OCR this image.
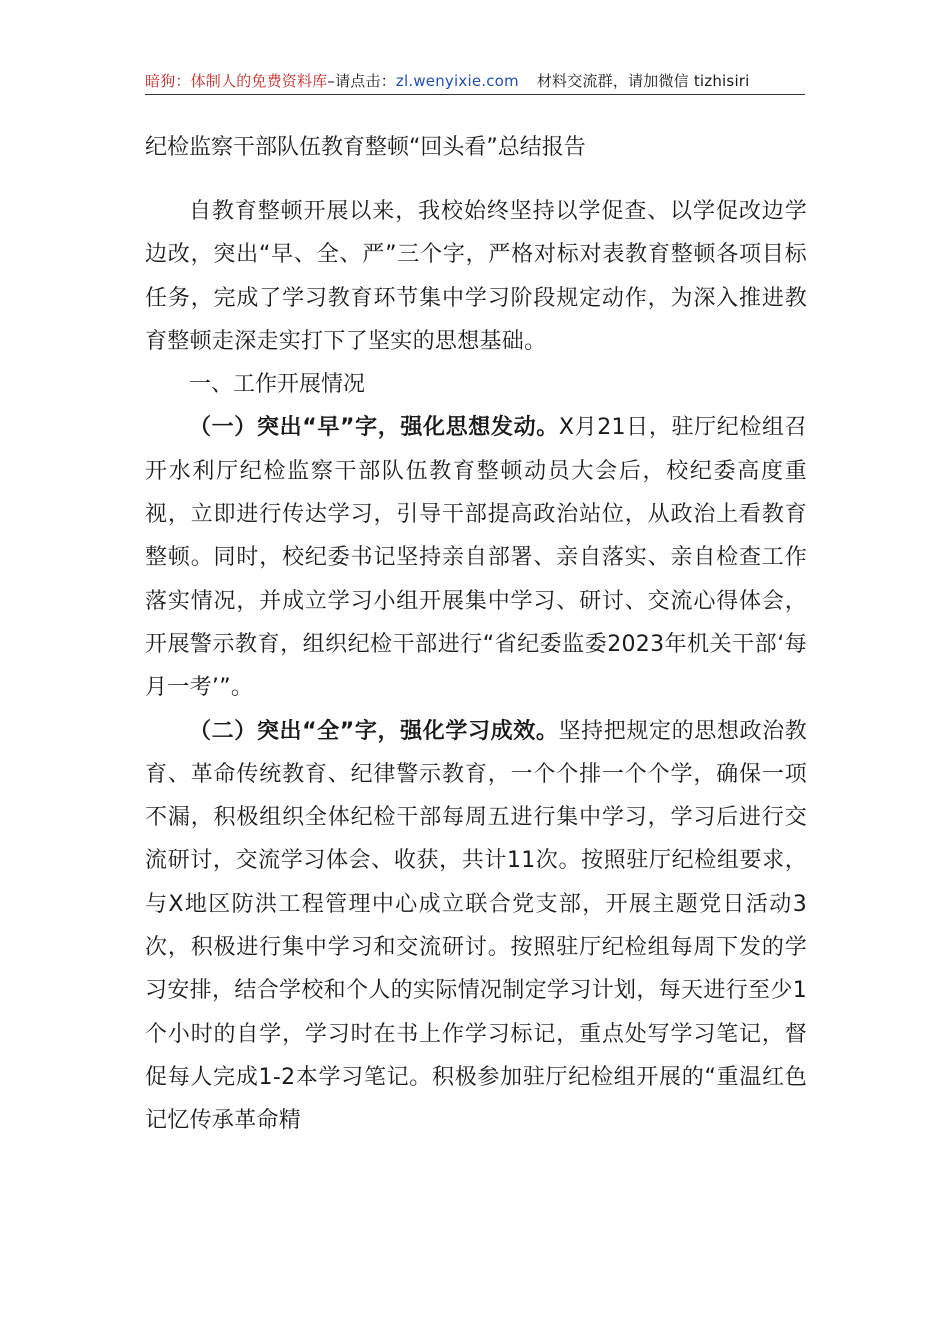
暗狗：体制人的免费资料库–请点击：zl.wenyixie.com 材料交流群，请加微信 tizhisiri
纪检监察干部队伍教育整顿“回头看”总结报告

自教育整顿开展以来，我校始终坚持以学促查、以学促改边学边改，突出“早、全、严”三个字，严格对标对表教育整顿各项目标任务，完成了学习教育环节集中学习阶段规定动作，为深入推进教育整顿走深走实打下了坚实的思想基础。

一、工作开展情况

（一）突出“早”字，强化思想发动。X月21日，驻厅纪检组召开水利厅纪检监察干部队伍教育整顿动员大会后，校纪委高度重视，立即进行传达学习，引导干部提高政治站位，从政治上看教育整顿。同时，校纪委书记坚持亲自部署、亲自落实、亲自检查工作落实情况，并成立学习小组开展集中学习、研讨、交流心得体会，开展警示教育，组织纪检干部进行“省纪委监委2023年机关干部‘每月一考’”。

（二）突出“全”字，强化学习成效。坚持把规定的思想政治教育、革命传统教育、纪律警示教育，一个个排一个个学，确保一项不漏，积极组织全体纪检干部每周五进行集中学习，学习后进行交流研讨，交流学习体会、收获，共计11次。按照驻厅纪检组要求，与X地区防洪工程管理中心成立联合党支部，开展主题党日活动3次，积极进行集中学习和交流研讨。按照驻厅纪检组每周下发的学习安排，结合学校和个人的实际情况制定学习计划，每天进行至少1个小时的自学，学习时在书上作学习标记，重点处写学习笔记，督促每人完成1-2本学习笔记。积极参加驻厅纪检组开展的“重温红色记忆传承革命精
